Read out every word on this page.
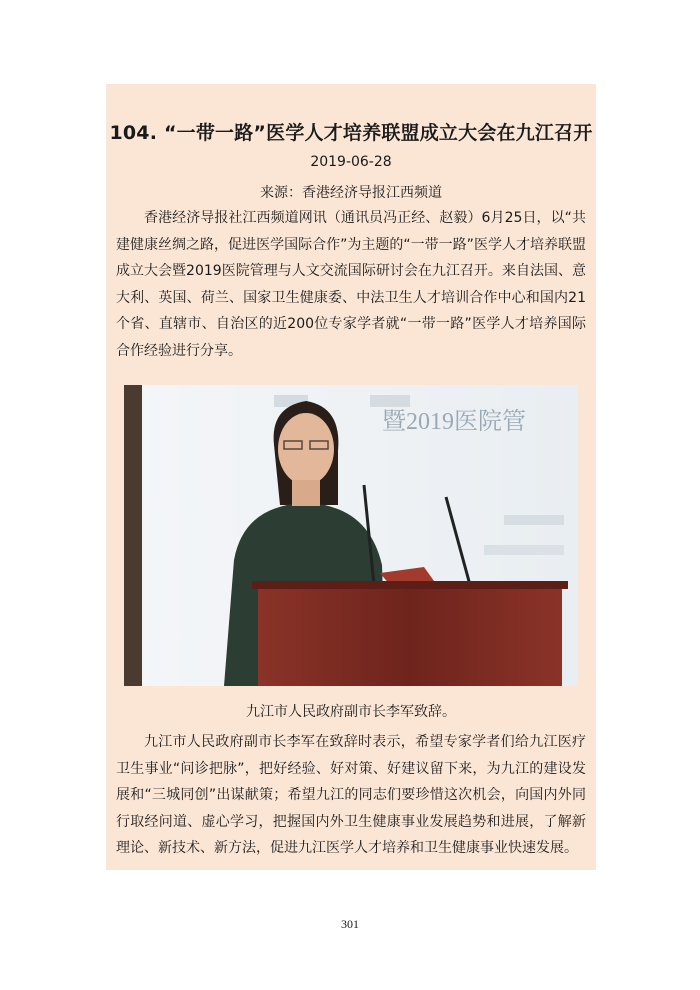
104. “一带一路”医学人才培养联盟成立大会在九江召开
2019-06-28
来源：香港经济导报江西频道
香港经济导报社江西频道网讯（通讯员冯正经、赵毅）6月25日，以“共建健康丝绸之路，促进医学国际合作”为主题的“一带一路”医学人才培养联盟成立大会暨2019医院管理与人文交流国际研讨会在九江召开。来自法国、意大利、英国、荷兰、国家卫生健康委、中法卫生人才培训合作中心和国内21个省、直辖市、自治区的近200位专家学者就“一带一路”医学人才培养国际合作经验进行分享。
暨2019医院管
九江市人民政府副市长李军致辞。
九江市人民政府副市长李军在致辞时表示，希望专家学者们给九江医疗卫生事业“问诊把脉”，把好经验、好对策、好建议留下来，为九江的建设发展和“三城同创”出谋献策；希望九江的同志们要珍惜这次机会，向国内外同行取经问道、虚心学习，把握国内外卫生健康事业发展趋势和进展，了解新理论、新技术、新方法，促进九江医学人才培养和卫生健康事业快速发展。
301
